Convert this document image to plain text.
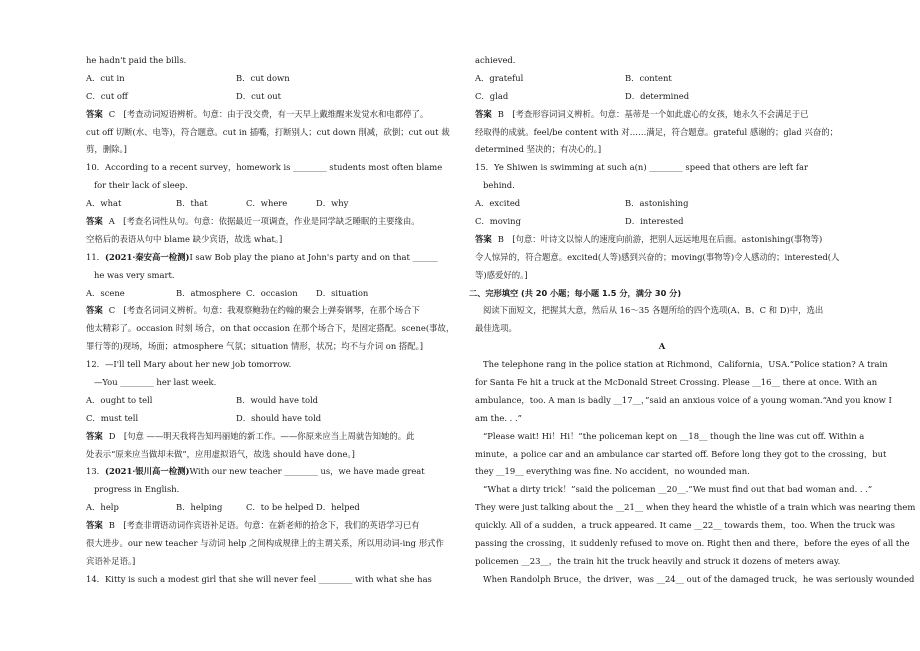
he hadn't paid the bills.
A．cut in	B．cut down
C．cut off	D．cut out
答案 C　[考查动词短语辨析。句意：由于没交费，有一天早上戴维醒来发觉水和电都停了。
cut off 切断(水、电等)，符合题意。cut in 插嘴，打断别人；cut down 削减，砍倒；cut out 裁
剪，删除。]
10．According to a recent survey，homework is ________ students most often blame
for their lack of sleep.
A．what	B．that	C．where	D．why
答案 A　[考查名词性从句。句意：依据最近一项调查，作业是同学缺乏睡眠的主要缘由。
空格后的表语从句中 blame 缺少宾语，故选 what。]
11．(2021·秦安高一检测)I saw Bob play the piano at John's party and on that ______
he was very smart.
A．scene	B．atmosphere C．occasion	D．situation
答案 C　[考查名词词义辨析。句意：我观察鲍勃在约翰的聚会上弹奏钢琴，在那个场合下
他太精彩了。occasion 时刻 场合，on that occasion 在那个场合下，是固定搭配。scene(事故，
罪行等的)现场，场面；atmosphere 气氛；situation 情形，状况；均不与介词 on 搭配。]
12．—I'll tell Mary about her new job tomorrow.
—You ________ her last week.
A．ought to tell	B．would have told
C．must tell	D．should have told
答案 D　[句意 ——明天我将告知玛丽她的新工作。——你原来应当上周就告知她的。此
处表示“原来应当做却未做”，应用虚拟语气，故选 should have done。]
13．(2021·银川高一检测)With our new teacher ________ us，we have made great
progress in English.
A．help	B．helping	C．to be helped D．helped
答案 B　[考查非谓语动词作宾语补足语。句意：在新老师的拾念下，我们的英语学习已有
很大进步。our new teacher 与动词 help 之间构成规律上的主谓关系，所以用动词-ing 形式作
宾语补足语。]
14．Kitty is such a modest girl that she will never feel ________ with what she has
achieved.
A．grateful	B．content
C．glad	D．determined
答案 B　[考查形容词词义辨析。句意：基蒂是一个如此虚心的女孩，她永久不会满足于已
经取得的成就。feel/be content with 对……满足，符合题意。grateful 感谢的；glad 兴奋的；
determined 坚决的；有决心的。]
15．Ye Shiwen is swimming at such a(n) ________ speed that others are left far
behind.
A．excited	B．astonishing
C．moving	D．interested
答案 B　[句意：叶诗文以惊人的速度向前游，把别人远远地甩在后面。astonishing(事物等)
令人惊异的，符合题意。excited(人等)感到兴奋的；moving(事物等)令人感动的；interested(人
等)感爱好的。]
二、完形填空 (共 20 小题；每小题 1.5 分，满分 30 分)
阅读下面短文，把握其大意，然后从 16～35 各题所给的四个选项(A、B、C 和 D)中，选出
最佳选项。
A
The telephone rang in the police station at Richmond，California，USA.“Police station? A train
for Santa Fe hit a truck at the McDonald Street Crossing. Please __16__ there at once. With an
ambulance，too. A man is badly __17__，”said an anxious voice of a young woman.“And you know I
am the. . .”
“Please wait! Hi！Hi！”the policeman kept on __18__ though the line was cut off. Within a
minute，a police car and an ambulance car started off. Before long they got to the crossing，but
they __19__ everything was fine. No accident，no wounded man.
“What a dirty trick！”said the policeman __20__.“We must find out that bad woman and. . .”
They were just talking about the __21__ when they heard the whistle of a train which was nearing them
quickly. All of a sudden，a truck appeared. It came __22__ towards them，too. When the truck was
passing the crossing，it suddenly refused to move on. Right then and there，before the eyes of all the
policemen __23__，the train hit the truck heavily and struck it dozens of meters away.
When Randolph Bruce，the driver，was __24__ out of the damaged truck，he was seriously wounded
